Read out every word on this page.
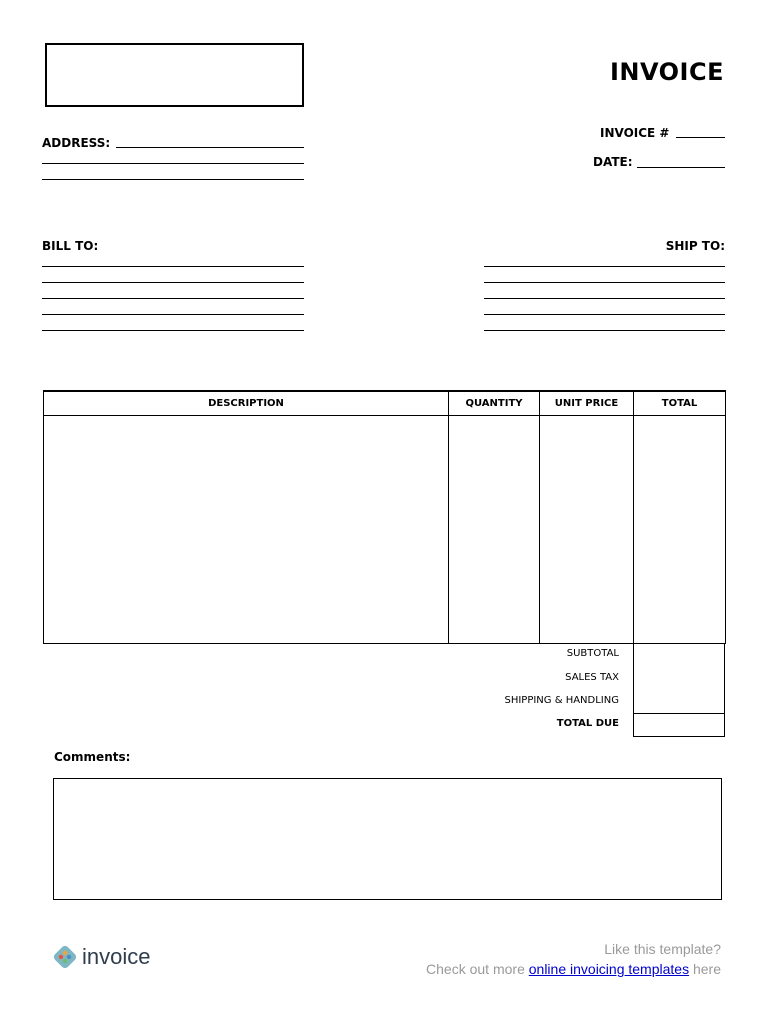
INVOICE
INVOICE #
DATE:
ADDRESS:
BILL TO:	SHIP TO:
DESCRIPTION	QUANTITY	UNIT PRICE	TOTAL

SUBTOTAL
SALES TAX
SHIPPING & HANDLING
TOTAL DUE
Comments:
invoice	Like this template?
Check out more online invoicing templates here
